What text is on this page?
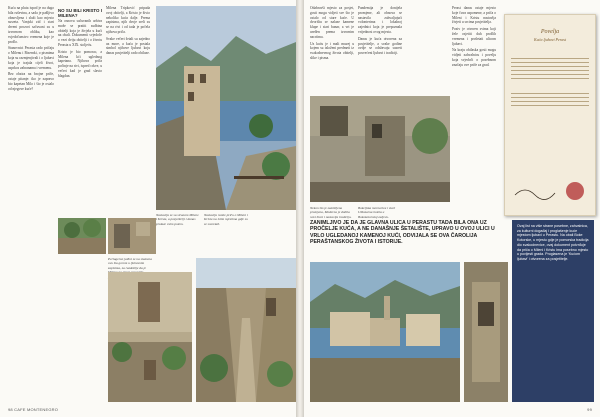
Kuća na pluta ispod je na dugo bila ruševina, a sada je pažljivo obnovljena i služi kao mjesto susreta. Vanjski zid i stari drveni prozori sačuvani su u izvornom obliku, kao svjedočanstvo vremena koje je prošlo.

Stanovnici Perasta rado pričaju o Milenu i Bisernki, o pismima koja su razmjenjivali i o ljubavi koja je trajala cijeli život, usprkos zabranama i vremenu.

Bez obzira na brojne priče, ostaje pitanje: tko je zapravo bio kapetan Milo i što je ostalo od njegove kuće?

NO SU BILI KRISTO I MILENA?

Na osnovu sačuvanih arhiva može se pratiti sudbina obitelji koja je živjela u kući na obali. Dokumenti svjedoče o vezi dviju obitelji i o životu Perasta u XIX. stoljeću.

Kristo je bio pomorac, a Milena kći uglednog kapetana. Njihova priča počinje na rivi, ispred crkve, u večeri kad je grad slavio blagdan.

Milena Tripković pripada ovoj obitelji, a Kristo je živio nekoliko kuća dalje. Prema zapisima, njih dvoje sreli su se na rivi i od tada je počela njihova priča.

Svake večeri šetali su zajedno uz more, a kuća je postala simbol njihove ljubavi koju danas posjetitelji rado obilaze.

Perlageron jedini se na stamena ovu šta gorom u ljubavnim zapisima, za razdoblje da je
Nastavlja se sa stranom Milene i Krista, a posjetitelji i danas prolaze ovim putem.
Nastavlja ramle priču o Mileni i Kristu na istim mjestima gdje su se susretali.
98 CAFE MONTENEGRO

Odabravši mjesto za posjet, gosti mogu vidjeti sve što je ostalo od stare kuće. U dvorištu se nalaze kamene klupe i stari bunar, a vrt je uređen prema izvornim nacrtima.

Uz kuću je i mali muzej u kojem su izloženi predmeti iz svakodnevnog života obitelji, slike i pisma.

Pandemija je donijela promjene, ali obnova se nastavila zahvaljujući volonterima i lokalnoj zajednici koja je prepoznala vrijednost ovog mjesta.

Danas je kuća otvorena za posjetitelje, a svake godine ovdje se održavaju susreti posvećeni ljubavi i tradiciji.

Perast danas ostaje mjesto koje čuva uspomene, a priča o Mileni i Kristu nastavlja živjeti u srcima posjetitelja.

Poziv je otvoren svima koji žele osjetiti duh prošlih vremena i prošetati ulicom ljubavi.

Na kraju obilaska gosti mogu vidjeti zahvalnicu i povelju koja svjedoči o posebnom značaju ove priče za grad.

Nekon što je zamišljena promjena, Moderna je dobila novi život i nastavlja tradiciju.
Bokeljska mornarica i stari Uldozarna hotela u Bokokotorskoj zaljevu.
Povelja
Kuća ljubavi Perast
ZANIMLJIVO JE DA JE GLAVNA ULICA U PERASTU TADA BILA ONA UZ PROČELJE KUĆA, A NE DANAŠNJE ŠETALIŠTE, UPRAVO U OVOJ ULICI U VRLO UGLEDANOJ KAMENOJ KUĆI, ODVIJALA SE OVA ČAROLIJA PERAŠTANSKOG ŽIVOTA I ISTORIJE.
Ovaj list na više strane posebne, zahvalnica, za kulturni događaj i proglašenje kuće mjestom ljubavi u Perastu. Na obali Boke Kotorske, u mjestu gdje je pomorska tradicija dio svakodnevice, ovaj dokument potvrđuje da priča o Mileni i Kristu ima posebno mjesto u povijesti grada. Proglasena je 'Kućom ljubavi' i otvorena za posjetitelje.
99
